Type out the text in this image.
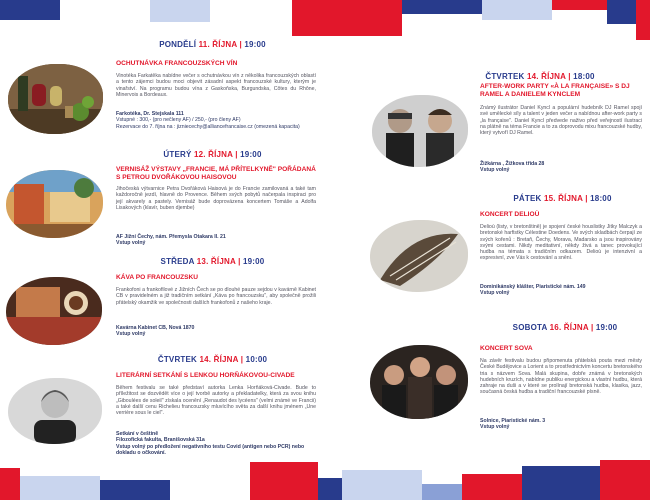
PONDĚLÍ 11. ŘÍJNA | 19:00
OCHUTNÁVKA FRANCOUZSKÝCH VÍN
Vinotéka Farkatěka nabídne večer s ochutnávkou vín z několika francouzských oblastí a tento zájemci budou moci objevit zásadní aspekt francouzské kultury, kterým je vinařství. Na programu budou vína z Gaskoňska, Burgundska, Côtes du Rhône, Minervois a Bordeaux.
Farkotéka, Dr. Stejskala 111
Vstupné : 300,- (pro nečleny AF) / 250,- (pro členy AF)
Rezervace do 7. října na : jizniecechy@alliancefrancaise.cz (omezená kapacita)
ÚTERÝ 12. ŘÍJNA | 19:00
VERNISÁŽ VÝSTAVY „FRANCIE, MÁ PŘÍTELKYNĚ" POŘÁDANÁ S PETROU DVOŘÁKOVOU HAISOVOU
Jihočeská výtvarnice Petra Dvořáková Haisová je do Francie zamilovaná a také tam každoročně jezdí, hlavně do Provence. Během svých pobytů načerpala inspiraci pro její akvarely a pastely. Vernisáž bude doprovázena koncertem Tomáše a Adolfa Lisakových (klavír, buben djembe)
AF Jižní Čechy, nám. Přemysla Otakara II. 21
Vstup volný
STŘEDA 13. ŘÍJNA | 19:00
KÁVA PO FRANCOUZSKU
Frankofoni a frankofilové z Jižních Čech se po dlouhé pauze sejdou v kavárně Kabinet CB v pravidelném a již tradičním setkání „Káva po francouzsku", aby společně prožili přátelský okamžik ve společnosti dalších frankofonů z našeho kraje.
Kavárna Kabinet CB, Nová 1870
Vstup volný
ČTVRTEK 14. ŘÍJNA | 10:00
LITERÁRNÍ SETKÁNÍ S LENKOU HORŇÁKOVOU-CIVADE
Během festivalu se také představí autorka Lenka Horňáková-Civade. Bude to příležitost se dozvědět více o její tvorbě autorky a překladatelky, která za svou knihu „Giboulées de soleil" získala ocenění „Renaudot des lycéens" (velmi známé ve Francii) a také další cenu Richelieu francouzsky mluvícího světa za další knihu jménem „Une verrière sous le ciel".
Setkání v češtině
Filozofická fakulta, Branišovská 31a
Vstup volný po předložení negativního testu Covid (antigen nebo PCR) nebo dokladu o očkování.
ČTVRTEK 14. ŘÍJNA | 18:00
AFTER-WORK PARTY «À LA FRANÇAISE» S DJ RAMEL A DANIELEM KYNCLEM
Známý ilustrátor Daniel Kyncl a populární hudebník DJ Ramel spojí své umělecké síly a talent v jeden večer a nabídnou after-work party s „la française". Daniel Kyncl předvede naživo před veřejností ilustraci na plátně na téma Francie a to za doprovodu mixu francouzské hudby, který vytvoří DJ Ramel.
Žižkárna , Žižkova třída 28
Vstup volný
PÁTEK 15. ŘÍJNA | 18:00
KONCERT DELIOÙ
Delioù (listy, v bretonštině) je spojení české houslistky Jitky Malczyk a bretonské harfistky Célestine Doedens. Ve svých skladbách čerpají ze svých kořenů : Bretaň, Čechy, Morava, Madarsko a jsou inspirovány svými cestami. Nikdy meditativní, někdy živá a tanec provokující hudba na témata s tradičním odkazem. Delioù je intenzivní a expresivní, zve Vás k cestování a snění.
Dominikánský klášter, Piaristické nám. 149
Vstup volný
SOBOTA 16. ŘÍJNA | 19:00
KONCERT SOVA
Na závěr festivalu budou připomenuta přátelská pouta mezi městy České Budějovice a Lorient a to prostřednictvím koncertu bretonského tria s názvem Sova. Malá skupina, dobře známá v bretonských hudebních kruzích, nabídne publiku energickou a vlastní hudbu, která zahraje na duši a v které se prolínají bretonská hudba, klasika, jazz, současná česká hudba a tradiční francouzské písně.
Solnice, Piaristické nám. 3
Vstup volný
